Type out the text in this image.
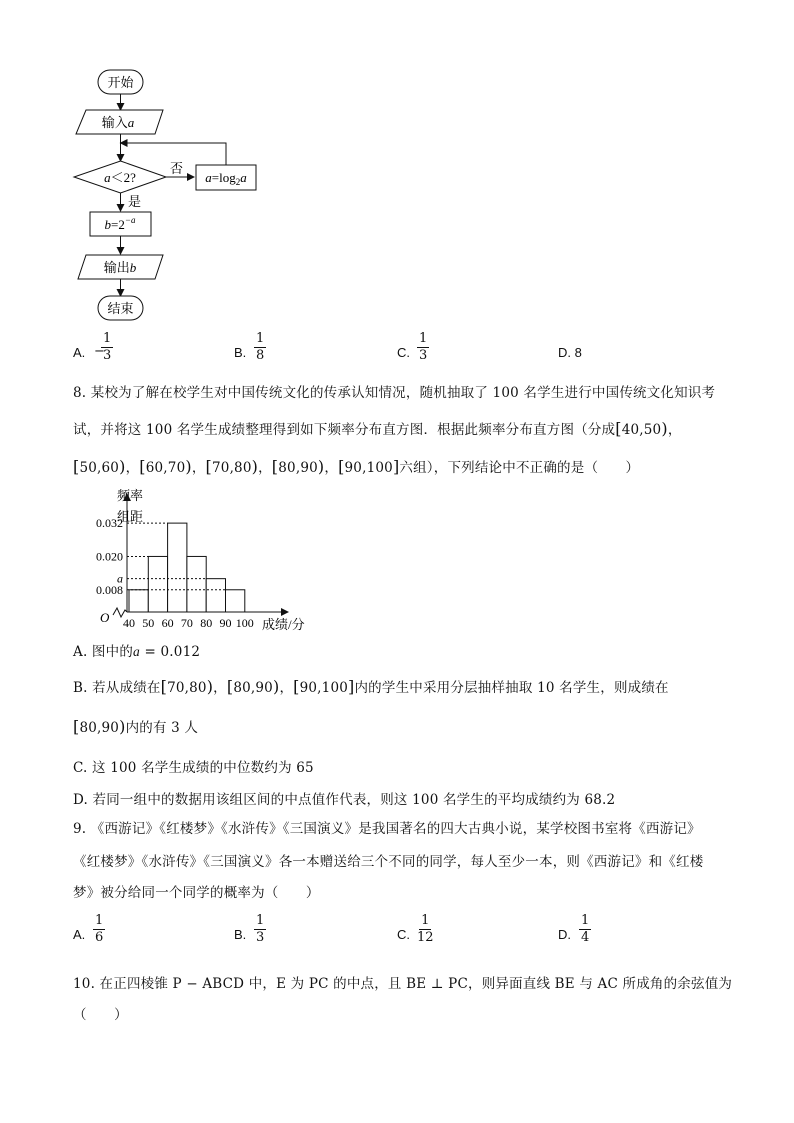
开始
输入a
a＜2?
否
$a=\log_2a$
是
$b=2^{-a}$
输出b
结束
A. −
$\frac{1}{3}$	B. $\frac{1}{8}$	C. $\frac{1}{3}$	D. 8
8. 某校为了解在校学生对中国传统文化的传承认知情况，随机抽取了 100 名学生进行中国传统文化知识考
试，并将这 100 名学生成绩整理得到如下频率分布直方图．根据此频率分布直方图（分成[40,50)，
[50,60)，[60,70)，[70,80)，[80,90)，[90,100]六组），下列结论中不正确的是（　　）
频率
组距
O
0.032
0.020
a
0.008
40 50 60 70 80 90 100 成绩/分
A. 图中的a = 0.012
B. 若从成绩在[70,80)，[80,90)，[90,100]内的学生中采用分层抽样抽取 10 名学生，则成绩在
[80,90)内的有 3 人
C. 这 100 名学生成绩的中位数约为 65
D. 若同一组中的数据用该组区间的中点值作代表，则这 100 名学生的平均成绩约为 68.2
9. 《西游记》《红楼梦》《水浒传》《三国演义》是我国著名的四大古典小说，某学校图书室将《西游记》
《红楼梦》《水浒传》《三国演义》各一本赠送给三个不同的同学，每人至少一本，则《西游记》和《红楼
梦》被分给同一个同学的概率为（　　）
A. $\frac{1}{6}$	B. $\frac{1}{3}$	C. $\frac{1}{12}$	D. $\frac{1}{4}$
10. 在正四棱锥 P − ABCD 中，E 为 PC 的中点，且 BE ⊥ PC，则异面直线 BE 与 AC 所成角的余弦值为
（　　）
